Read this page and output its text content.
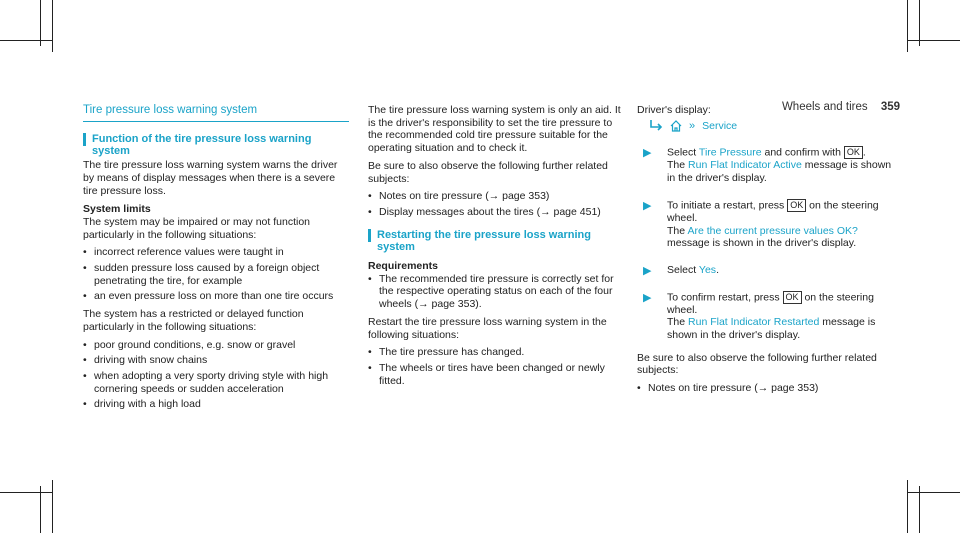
Wheels and tires 359
Tire pressure loss warning system
Function of the tire pressure loss warning system

The tire pressure loss warning system warns the driver by means of display messages when there is a severe tire pressure loss.

System limits

The system may be impaired or may not function particularly in the following situations:

• incorrect reference values were taught in
• sudden pressure loss caused by a foreign object penetrating the tire, for example
• an even pressure loss on more than one tire occurs

The system has a restricted or delayed function particularly in the following situations:

• poor ground conditions, e.g. snow or gravel
• driving with snow chains
• when adopting a very sporty driving style with high cornering speeds or sudden acceleration
• driving with a high load

The tire pressure loss warning system is only an aid. It is the driver's responsibility to set the tire pressure to the recommended cold tire pressure suitable for the operating situation and to check it.

Be sure to also observe the following further related subjects:

• Notes on tire pressure (→ page 353)
• Display messages about the tires (→ page 451)
Restarting the tire pressure loss warning system
Requirements
• The recommended tire pressure is correctly set for the respective operating status on each of the four wheels (→ page 353).

Restart the tire pressure loss warning system in the following situations:

• The tire pressure has changed.
• The wheels or tires have been changed or newly fitted.

Driver's display:

» Service
▶ Select Tire Pressure and confirm with OK .
The Run Flat Indicator Active message is shown in the driver's display.
▶ To initiate a restart, press OK on the steering wheel.
The Are the current pressure values OK? message is shown in the driver's display.
▶ Select Yes.
▶ To confirm restart, press OK on the steering wheel.
The Run Flat Indicator Restarted message is shown in the driver's display.

Be sure to also observe the following further related subjects:

• Notes on tire pressure (→ page 353)
